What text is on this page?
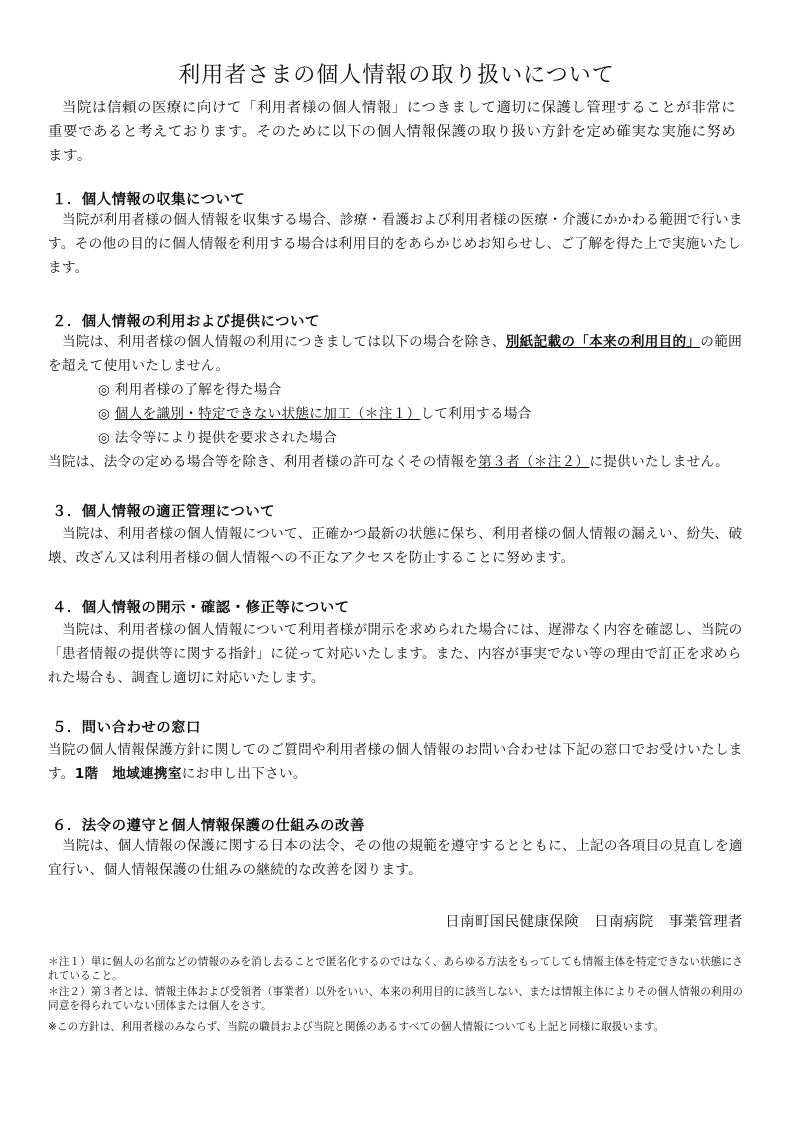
利用者さまの個人情報の取り扱いについて
当院は信頼の医療に向けて「利用者様の個人情報」につきまして適切に保護し管理することが非常に重要であると考えております。そのために以下の個人情報保護の取り扱い方針を定め確実な実施に努めます。
１．個人情報の収集について
当院が利用者様の個人情報を収集する場合、診療・看護および利用者様の医療・介護にかかわる範囲で行います。その他の目的に個人情報を利用する場合は利用目的をあらかじめお知らせし、ご了解を得た上で実施いたします。
２．個人情報の利用および提供について
当院は、利用者様の個人情報の利用につきましては以下の場合を除き、別紙記載の「本来の利用目的」の範囲を超えて使用いたしません。
◎ 利用者様の了解を得た場合
◎ 個人を識別・特定できない状態に加工（＊注１）して利用する場合
◎ 法令等により提供を要求された場合
当院は、法令の定める場合等を除き、利用者様の許可なくその情報を第３者（＊注２）に提供いたしません。
３．個人情報の適正管理について
当院は、利用者様の個人情報について、正確かつ最新の状態に保ち、利用者様の個人情報の漏えい、紛失、破壊、改ざん又は利用者様の個人情報への不正なアクセスを防止することに努めます。
４．個人情報の開示・確認・修正等について
当院は、利用者様の個人情報について利用者様が開示を求められた場合には、遅滞なく内容を確認し、当院の「患者情報の提供等に関する指針」に従って対応いたします。また、内容が事実でない等の理由で訂正を求められた場合も、調査し適切に対応いたします。
５．問い合わせの窓口
当院の個人情報保護方針に関してのご質問や利用者様の個人情報のお問い合わせは下記の窓口でお受けいたします。1階　地域連携室にお申し出下さい。
６．法令の遵守と個人情報保護の仕組みの改善
当院は、個人情報の保護に関する日本の法令、その他の規範を遵守するとともに、上記の各項目の見直しを適宜行い、個人情報保護の仕組みの継続的な改善を図ります。
日南町国民健康保険　日南病院　事業管理者
＊注１）単に個人の名前などの情報のみを消し去ることで匿名化するのではなく、あらゆる方法をもってしても情報主体を特定できない状態にされていること。
＊注２）第３者とは、情報主体および受領者（事業者）以外をいい、本来の利用目的に該当しない、または情報主体によりその個人情報の利用の同意を得られていない団体または個人をさす。
※この方針は、利用者様のみならず、当院の職員および当院と関係のあるすべての個人情報についても上記と同様に取扱います。
